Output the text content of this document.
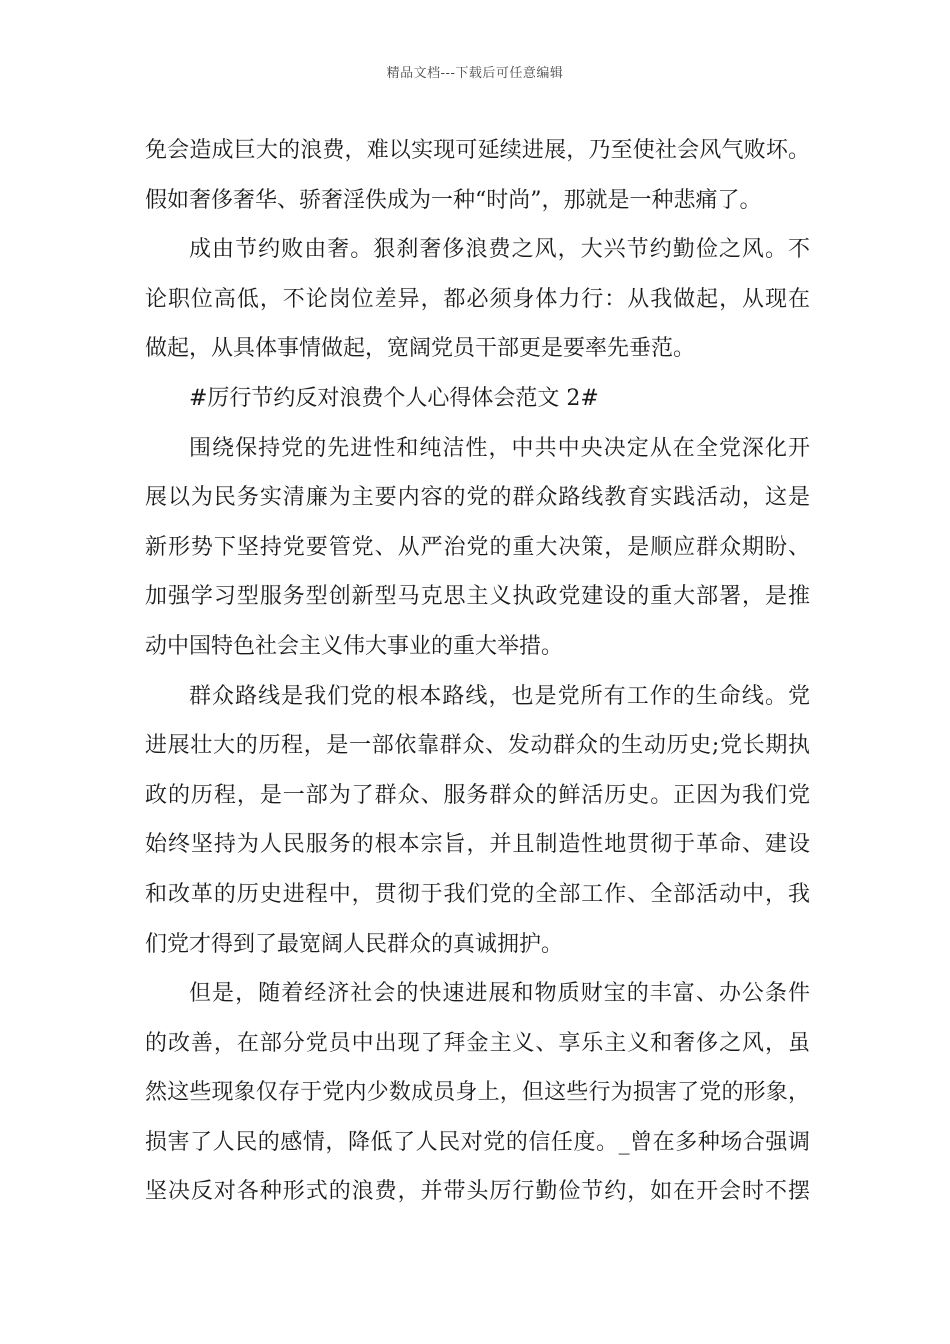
精品文档---下载后可任意编辑
免会造成巨大的浪费，难以实现可延续进展，乃至使社会风气败坏。
假如奢侈奢华、骄奢淫佚成为一种“时尚”，那就是一种悲痛了。
成由节约败由奢。狠刹奢侈浪费之风，大兴节约勤俭之风。不
论职位高低，不论岗位差异，都必须身体力行：从我做起，从现在
做起，从具体事情做起，宽阔党员干部更是要率先垂范。
#厉行节约反对浪费个人心得体会范文 2#
围绕保持党的先进性和纯洁性，中共中央决定从在全党深化开
展以为民务实清廉为主要内容的党的群众路线教育实践活动，这是
新形势下坚持党要管党、从严治党的重大决策，是顺应群众期盼、
加强学习型服务型创新型马克思主义执政党建设的重大部署，是推
动中国特色社会主义伟大事业的重大举措。
群众路线是我们党的根本路线，也是党所有工作的生命线。党
进展壮大的历程，是一部依靠群众、发动群众的生动历史;党长期执
政的历程，是一部为了群众、服务群众的鲜活历史。正因为我们党
始终坚持为人民服务的根本宗旨，并且制造性地贯彻于革命、建设
和改革的历史进程中，贯彻于我们党的全部工作、全部活动中，我
们党才得到了最宽阔人民群众的真诚拥护。
但是，随着经济社会的快速进展和物质财宝的丰富、办公条件
的改善，在部分党员中出现了拜金主义、享乐主义和奢侈之风，虽
然这些现象仅存于党内少数成员身上，但这些行为损害了党的形象，
损害了人民的感情，降低了人民对党的信任度。_曾在多种场合强调
坚决反对各种形式的浪费，并带头厉行勤俭节约，如在开会时不摆
